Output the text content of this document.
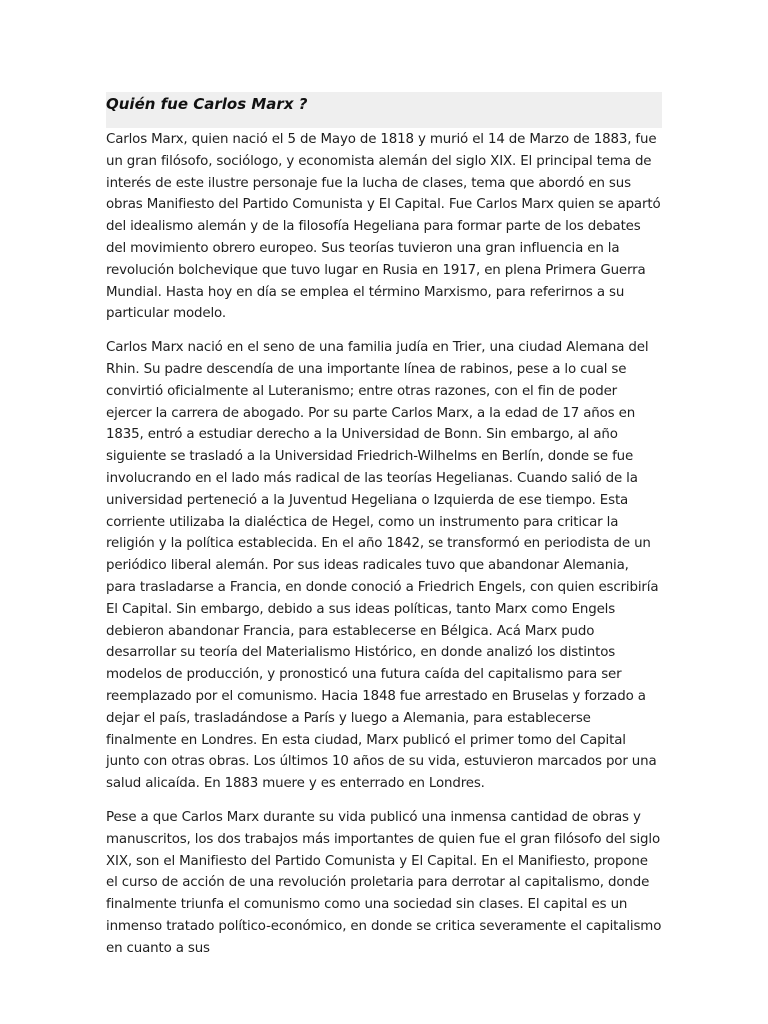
Quién fue Carlos Marx ?

Carlos Marx, quien nació el 5 de Mayo de 1818 y murió el 14 de Marzo de 1883, fue un gran filósofo, sociólogo, y economista alemán del siglo XIX. El principal tema de interés de este ilustre personaje fue la lucha de clases, tema que abordó en sus obras Manifiesto del Partido Comunista y El Capital. Fue Carlos Marx quien se apartó del idealismo alemán y de la filosofía Hegeliana para formar parte de los debates del movimiento obrero europeo. Sus teorías tuvieron una gran influencia en la revolución bolchevique que tuvo lugar en Rusia en 1917, en plena Primera Guerra Mundial. Hasta hoy en día se emplea el término Marxismo, para referirnos a su particular modelo.

Carlos Marx nació en el seno de una familia judía en Trier, una ciudad Alemana del Rhin. Su padre descendía de una importante línea de rabinos, pese a lo cual se convirtió oficialmente al Luteranismo; entre otras razones, con el fin de poder ejercer la carrera de abogado. Por su parte Carlos Marx, a la edad de 17 años en 1835, entró a estudiar derecho a la Universidad de Bonn. Sin embargo, al año siguiente se trasladó a la Universidad Friedrich-Wilhelms en Berlín, donde se fue involucrando en el lado más radical de las teorías Hegelianas. Cuando salió de la universidad perteneció a la Juventud Hegeliana o Izquierda de ese tiempo. Esta corriente utilizaba la dialéctica de Hegel, como un instrumento para criticar la religión y la política establecida. En el año 1842, se transformó en periodista de un periódico liberal alemán. Por sus ideas radicales tuvo que abandonar Alemania, para trasladarse a Francia, en donde conoció a Friedrich Engels, con quien escribiría El Capital. Sin embargo, debido a sus ideas políticas, tanto Marx como Engels debieron abandonar Francia, para establecerse en Bélgica. Acá Marx pudo desarrollar su teoría del Materialismo Histórico, en donde analizó los distintos modelos de producción, y pronosticó una futura caída del capitalismo para ser reemplazado por el comunismo. Hacia 1848 fue arrestado en Bruselas y forzado a dejar el país, trasladándose a París y luego a Alemania, para establecerse finalmente en Londres. En esta ciudad, Marx publicó el primer tomo del Capital junto con otras obras. Los últimos 10 años de su vida, estuvieron marcados por una salud alicaída. En 1883 muere y es enterrado en Londres.

Pese a que Carlos Marx durante su vida publicó una inmensa cantidad de obras y manuscritos, los dos trabajos más importantes de quien fue el gran filósofo del siglo XIX, son el Manifiesto del Partido Comunista y El Capital. En el Manifiesto, propone el curso de acción de una revolución proletaria para derrotar al capitalismo, donde finalmente triunfa el comunismo como una sociedad sin clases. El capital es un inmenso tratado político-económico, en donde se critica severamente el capitalismo en cuanto a sus
